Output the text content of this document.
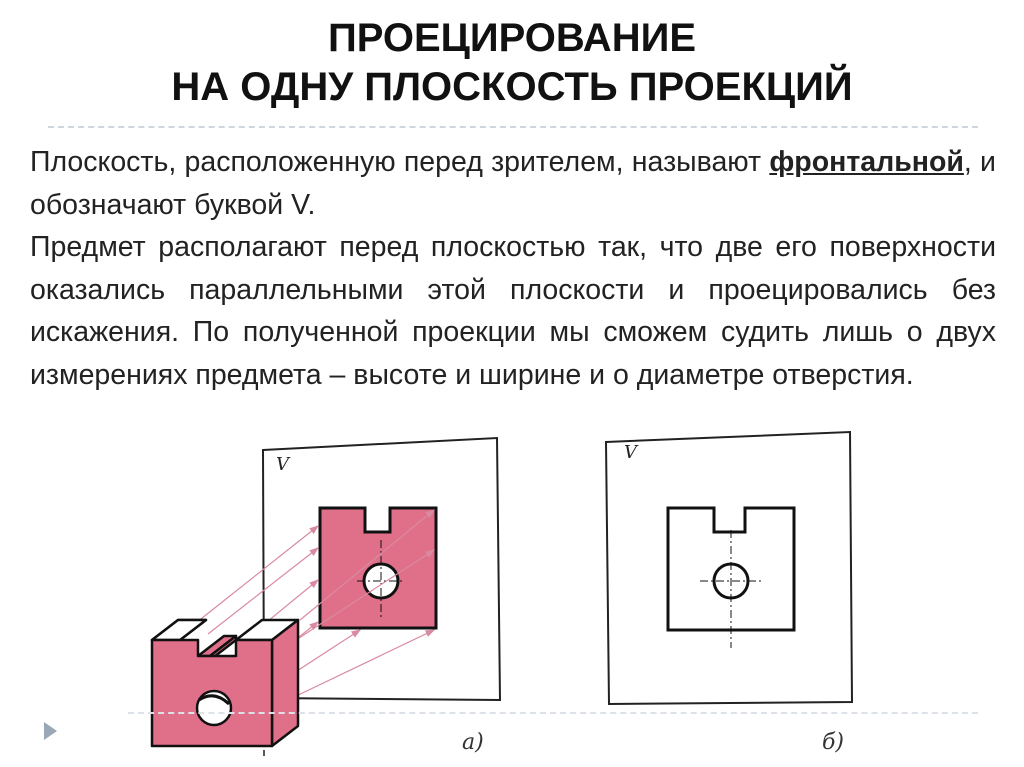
ПРОЕЦИРОВАНИЕ
НА ОДНУ ПЛОСКОСТЬ ПРОЕКЦИЙ

Плоскость, расположенную перед зрителем, называют фронтальной, и обозначают буквой V.

Предмет располагают перед плоскостью так, что две его поверхности оказались параллельными этой плоскости и проецировались без искажения. По полученной проекции мы сможем судить лишь о двух измерениях предмета – высоте и ширине и о диаметре отверстия.

V
V
а)	б)
